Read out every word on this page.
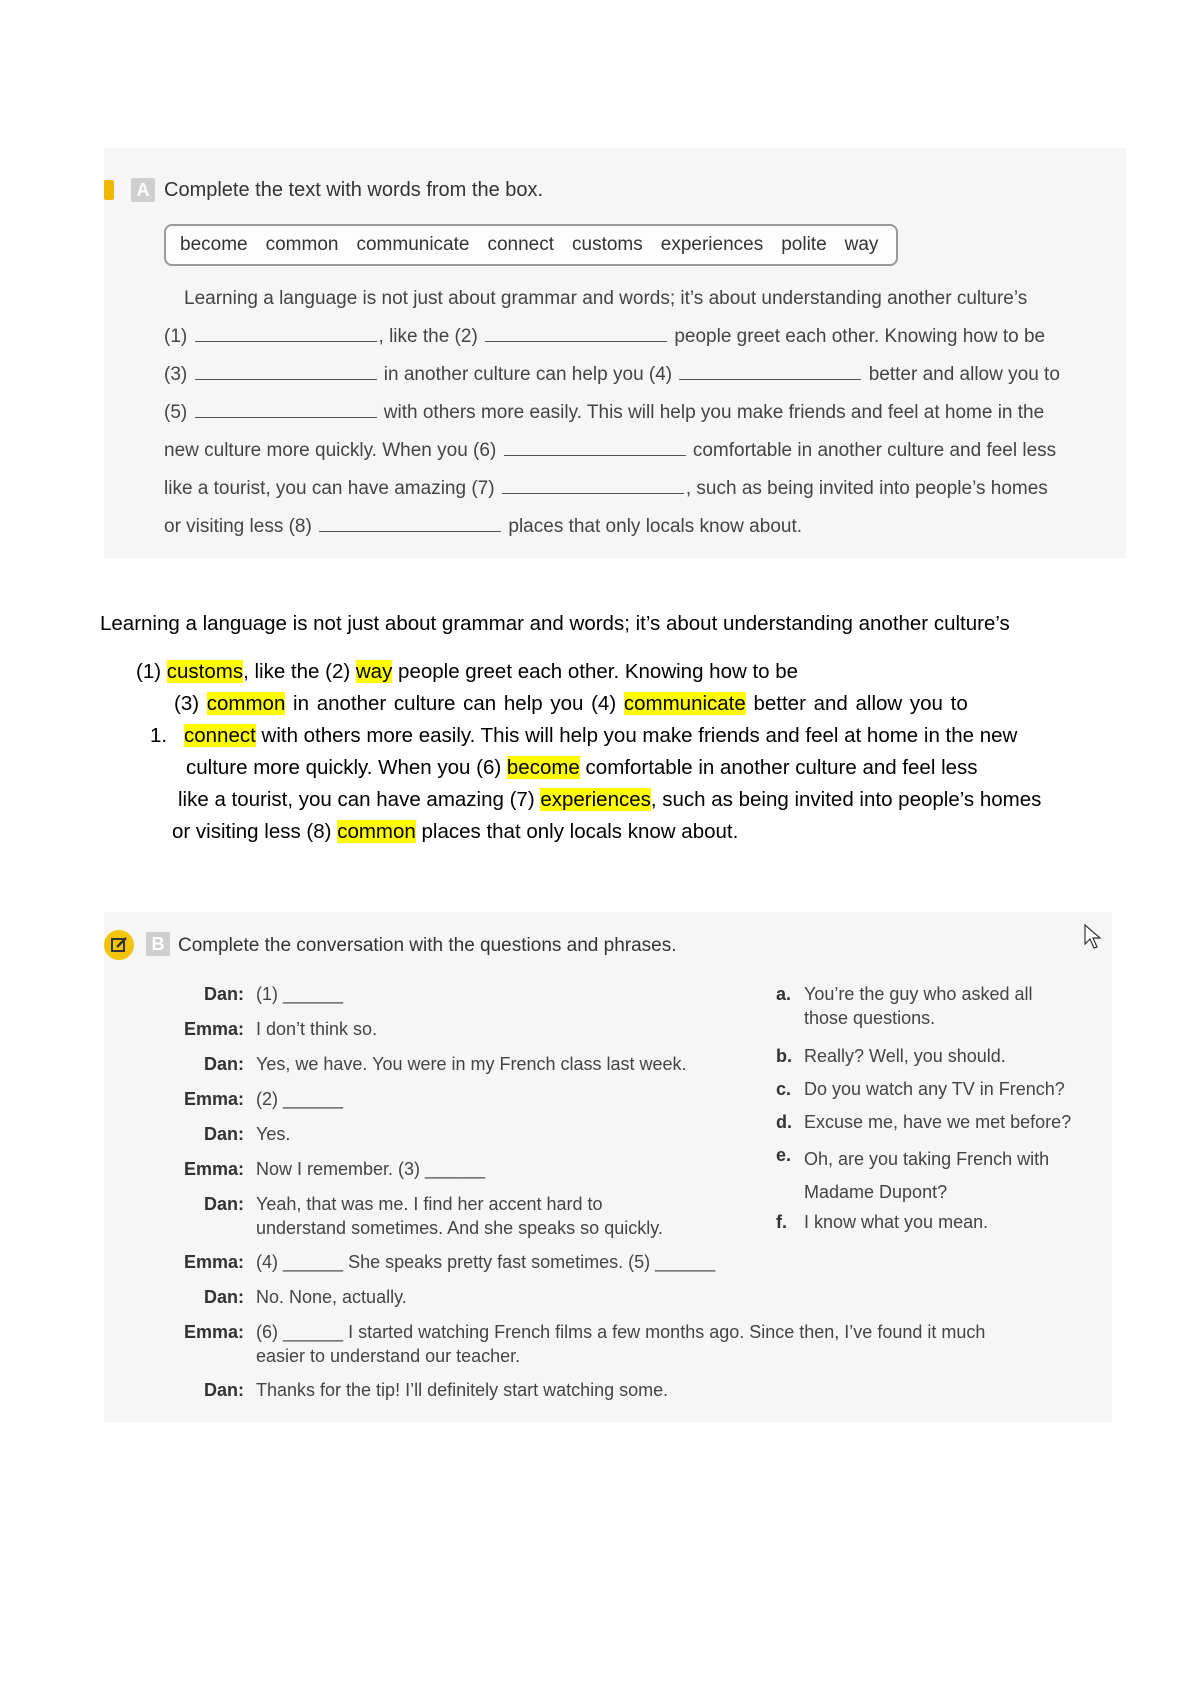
A Complete the text with words from the box.
become common communicate connect customs experiences polite way
Learning a language is not just about grammar and words; it’s about understanding another culture’s
(1)	, like the (2)	people greet each other. Knowing how to be
(3)	in another culture can help you (4)	better and allow you to
(5)	with others more easily. This will help you make friends and feel at home in the
new culture more quickly. When you (6)	comfortable in another culture and feel less
like a tourist, you can have amazing (7)	, such as being invited into people’s homes
or visiting less (8)	places that only locals know about.
Learning a language is not just about grammar and words; it’s about understanding another culture’s
(1) customs, like the (2) way people greet each other. Knowing how to be
(3) common in another culture can help you (4) communicate better and allow you to
1. connect with others more easily. This will help you make friends and feel at home in the new
culture more quickly. When you (6) become comfortable in another culture and feel less
like a tourist, you can have amazing (7) experiences, such as being invited into people’s homes
or visiting less (8) common places that only locals know about.
B Complete the conversation with the questions and phrases.
Dan: (1) ______
Emma: I don’t think so.
Dan: Yes, we have. You were in my French class last week.
Emma: (2) ______
Dan: Yes.
Emma: Now I remember. (3) ______
Dan: Yeah, that was me. I find her accent hard to
understand sometimes. And she speaks so quickly.
Emma: (4) ______ She speaks pretty fast sometimes. (5) ______
Dan: No. None, actually.
Emma: (6) ______ I started watching French films a few months ago. Since then, I’ve found it much
easier to understand our teacher.
Dan: Thanks for the tip! I’ll definitely start watching some.
a. You’re the guy who asked all
those questions.
b. Really? Well, you should.
c. Do you watch any TV in French?
d. Excuse me, have we met before?
e. Oh, are you taking French with
Madame Dupont?
f. I know what you mean.
